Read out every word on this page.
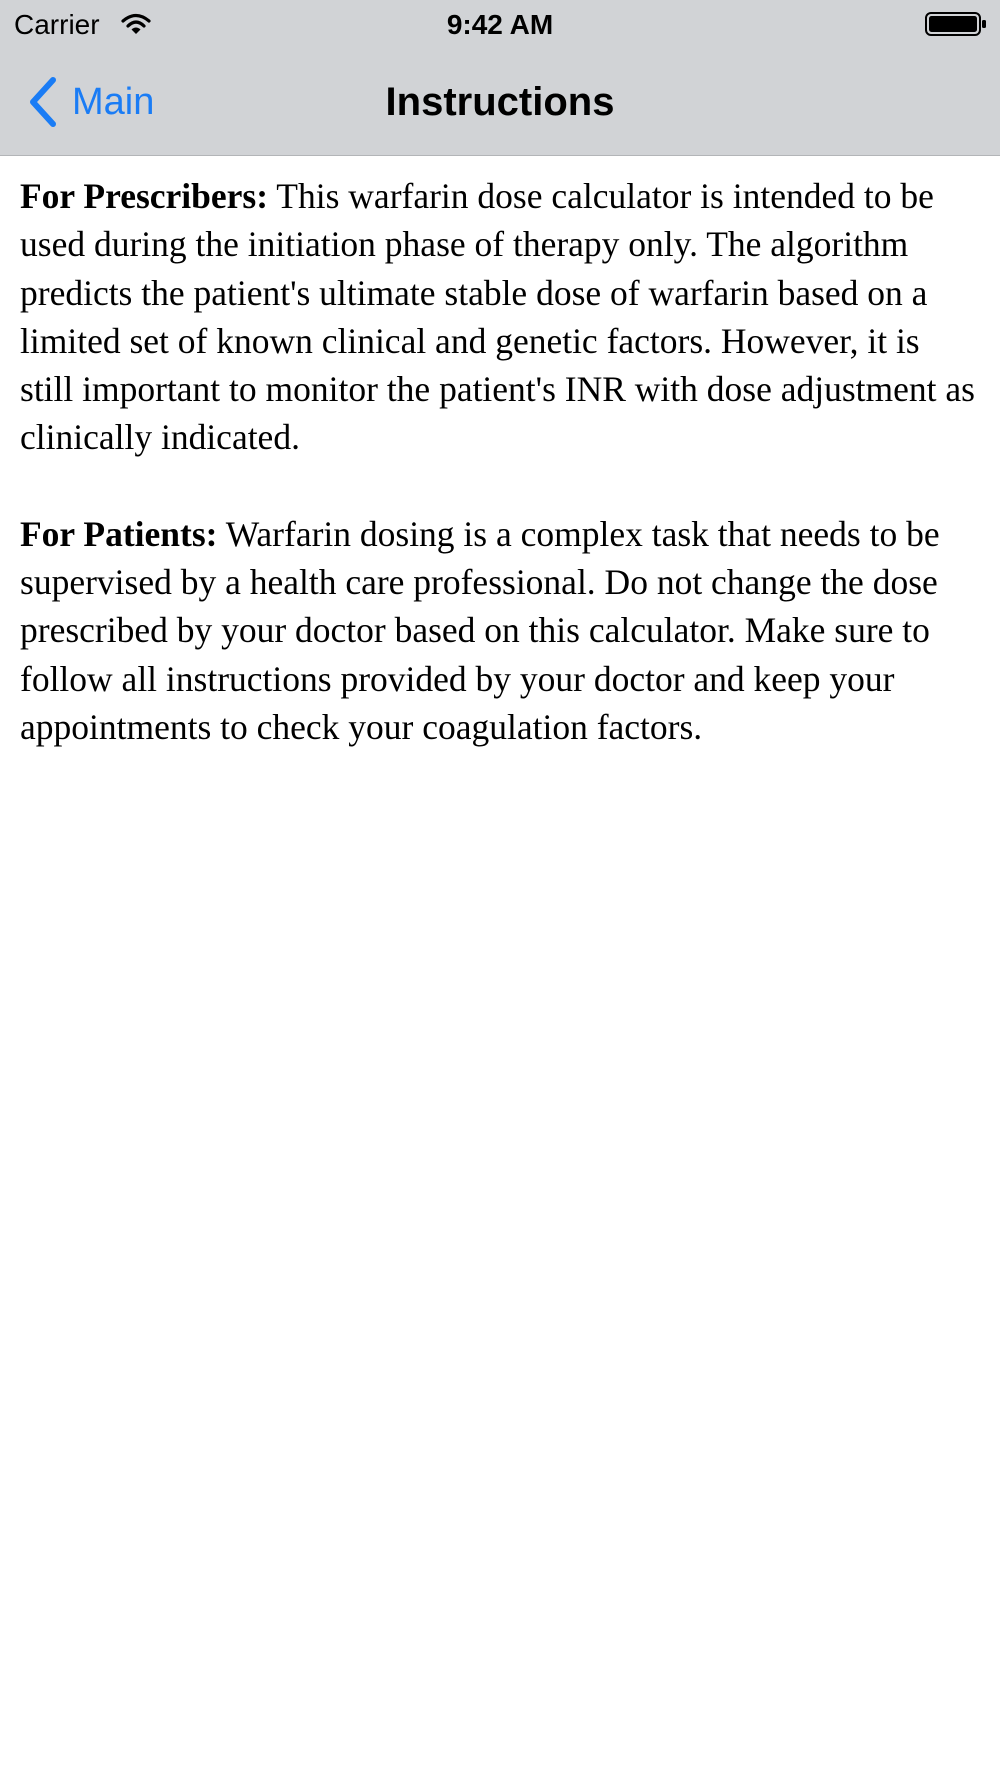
Carrier	9:42 AM
Main	Instructions

For Prescribers: This warfarin dose calculator is intended to be used during the initiation phase of therapy only. The algorithm predicts the patient's ultimate stable dose of warfarin based on a limited set of known clinical and genetic factors. However, it is still important to monitor the patient's INR with dose adjustment as clinically indicated.

For Patients: Warfarin dosing is a complex task that needs to be supervised by a health care professional. Do not change the dose prescribed by your doctor based on this calculator. Make sure to follow all instructions provided by your doctor and keep your appointments to check your coagulation factors.
